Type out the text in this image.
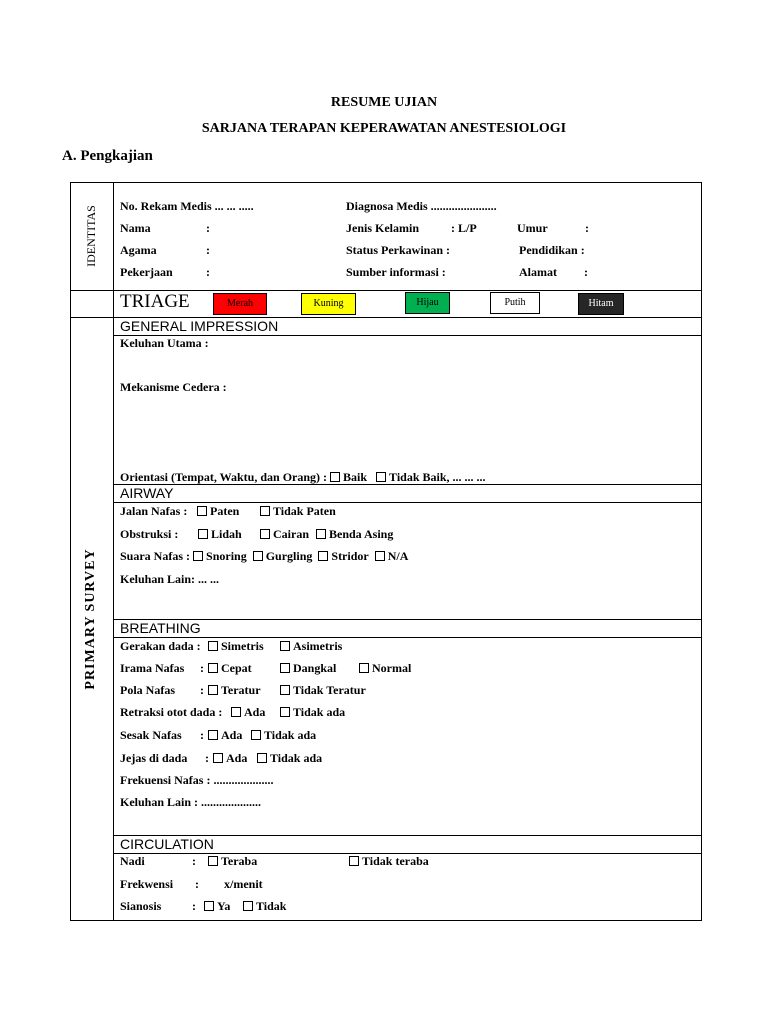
RESUME UJIAN
SARJANA TERAPAN KEPERAWATAN ANESTESIOLOGI
A. Pengkajian
IDENTITAS
PRIMARY SURVEY
No. Rekam Medis ... ... .....	Diagnosa Medis ......................
Nama	:	Jenis Kelamin	: L/P	Umur	:
Agama	:	Status Perkawinan :	Pendidikan :
Pekerjaan	:	Sumber informasi :	Alamat :
TRIAGE	Merah	Kuning	Hijau	Putih	Hitam
GENERAL IMPRESSION
Keluhan Utama :
Mekanisme Cedera :
Orientasi (Tempat, Waktu, dan Orang) : Baik Tidak Baik, ... ... ...
AIRWAY
Jalan Nafas :	Paten	Tidak Paten
Obstruksi :	Lidah	Cairan	Benda Asing
Suara Nafas : Snoring Gurgling Stridor N/A
Keluhan Lain: ... ...
BREATHING
Gerakan dada :	Simetris	Asimetris
Irama Nafas :	Cepat	Dangkal	Normal
Pola Nafas :	Teratur	Tidak Teratur
Retraksi otot dada :	Ada	Tidak ada
Sesak Nafas :	Ada	Tidak ada
Jejas di dada :	Ada	Tidak ada
Frekuensi Nafas : ....................
Keluhan Lain : ....................
CIRCULATION
Nadi	:	Teraba	Tidak teraba
Frekwensi : x/menit
Sianosis	:	Ya	Tidak
